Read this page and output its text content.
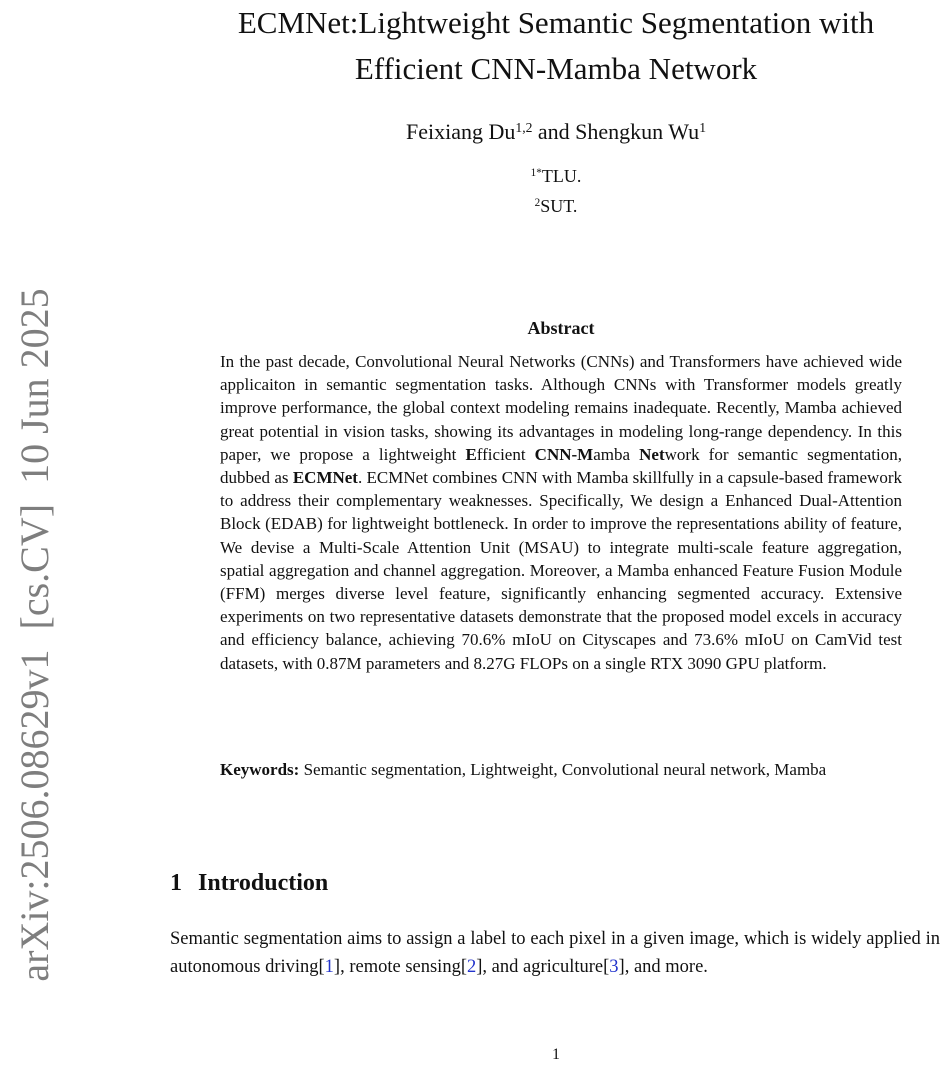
arXiv:2506.08629v1  [cs.CV]  10 Jun 2025
ECMNet:Lightweight Semantic Segmentation with
Efficient CNN-Mamba Network
Feixiang Du$^{1,2}$ and Shengkun Wu$^1$
$^{1*}$TLU.
$^2$SUT.
Abstract
In the past decade, Convolutional Neural Networks (CNNs) and Transformers have achieved wide applicaiton in semantic segmentation tasks. Although CNNs with Transformer models greatly improve performance, the global context modeling remains inadequate. Recently, Mamba achieved great potential in vision tasks, showing its advantages in modeling long-range dependency. In this paper, we propose a lightweight Efficient CNN-Mamba Network for semantic segmentation, dubbed as ECMNet. ECMNet combines CNN with Mamba skillfully in a capsule-based framework to address their complementary weaknesses. Specifically, We design a Enhanced Dual-Attention Block (EDAB) for lightweight bottleneck. In order to improve the representations ability of feature, We devise a Multi-Scale Attention Unit (MSAU) to integrate multi-scale feature aggregation, spatial aggregation and channel aggregation. Moreover, a Mamba enhanced Feature Fusion Module (FFM) merges diverse level feature, significantly enhancing segmented accuracy. Extensive experiments on two representative datasets demonstrate that the proposed model excels in accuracy and efficiency balance, achieving 70.6% mIoU on Cityscapes and 73.6% mIoU on CamVid test datasets, with 0.87M parameters and 8.27G FLOPs on a single RTX 3090 GPU platform.
Keywords: Semantic segmentation, Lightweight, Convolutional neural network, Mamba
1 Introduction
Semantic segmentation aims to assign a label to each pixel in a given image, which is widely applied in autonomous driving[1], remote sensing[2], and agriculture[3], and more.
1
